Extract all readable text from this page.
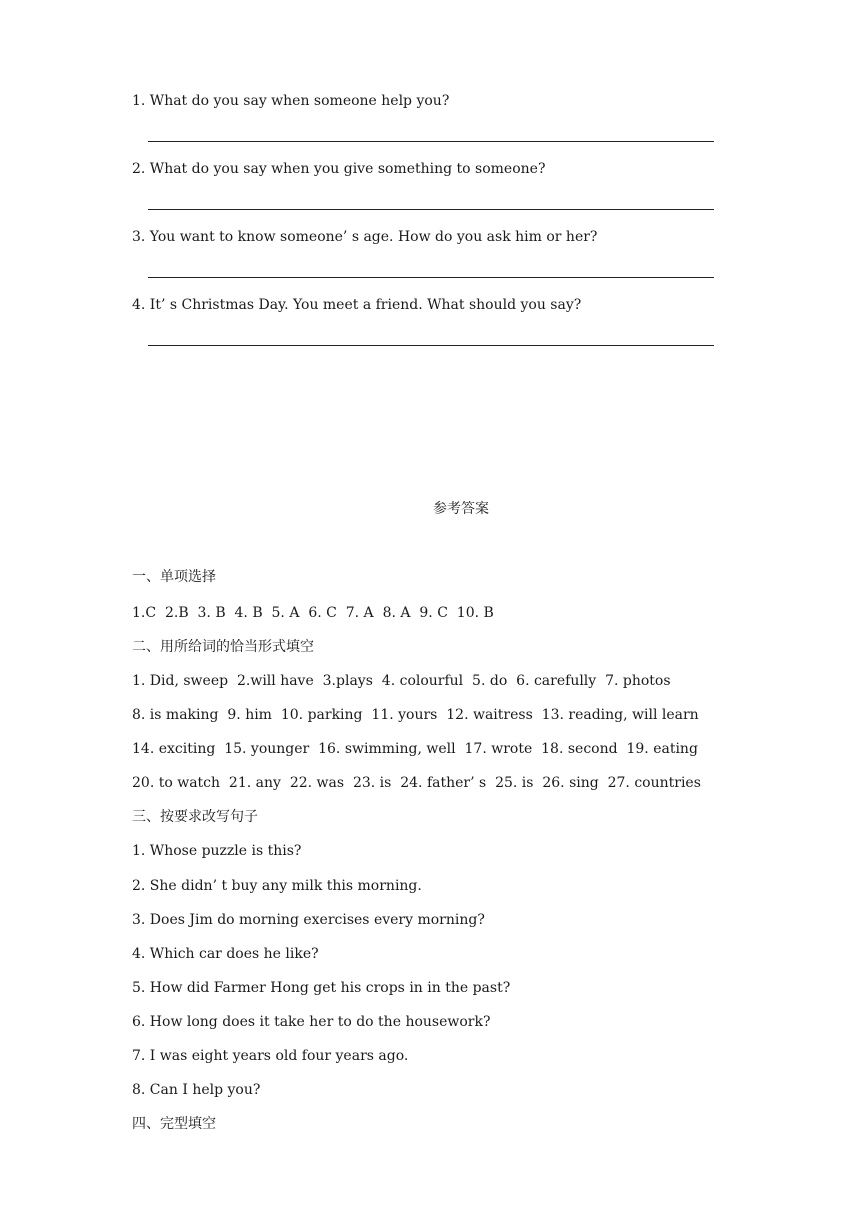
1. What do you say when someone help you?
2. What do you say when you give something to someone?
3. You want to know someone’ s age. How do you ask him or her?
4. It’ s Christmas Day. You meet a friend. What should you say?
参考答案
一、单项选择
1.C  2.B  3. B  4. B  5. A  6. C  7. A  8. A  9. C  10. B
二、用所给词的恰当形式填空
1. Did, sweep  2.will have  3.plays  4. colourful  5. do  6. carefully  7. photos
8. is making  9. him  10. parking  11. yours  12. waitress  13. reading, will learn
14. exciting  15. younger  16. swimming, well  17. wrote  18. second  19. eating
20. to watch  21. any  22. was  23. is  24. father’ s  25. is  26. sing  27. countries
三、按要求改写句子
1. Whose puzzle is this?
2. She didn’ t buy any milk this morning.
3. Does Jim do morning exercises every morning?
4. Which car does he like?
5. How did Farmer Hong get his crops in in the past?
6. How long does it take her to do the housework?
7. I was eight years old four years ago.
8. Can I help you?
四、完型填空
